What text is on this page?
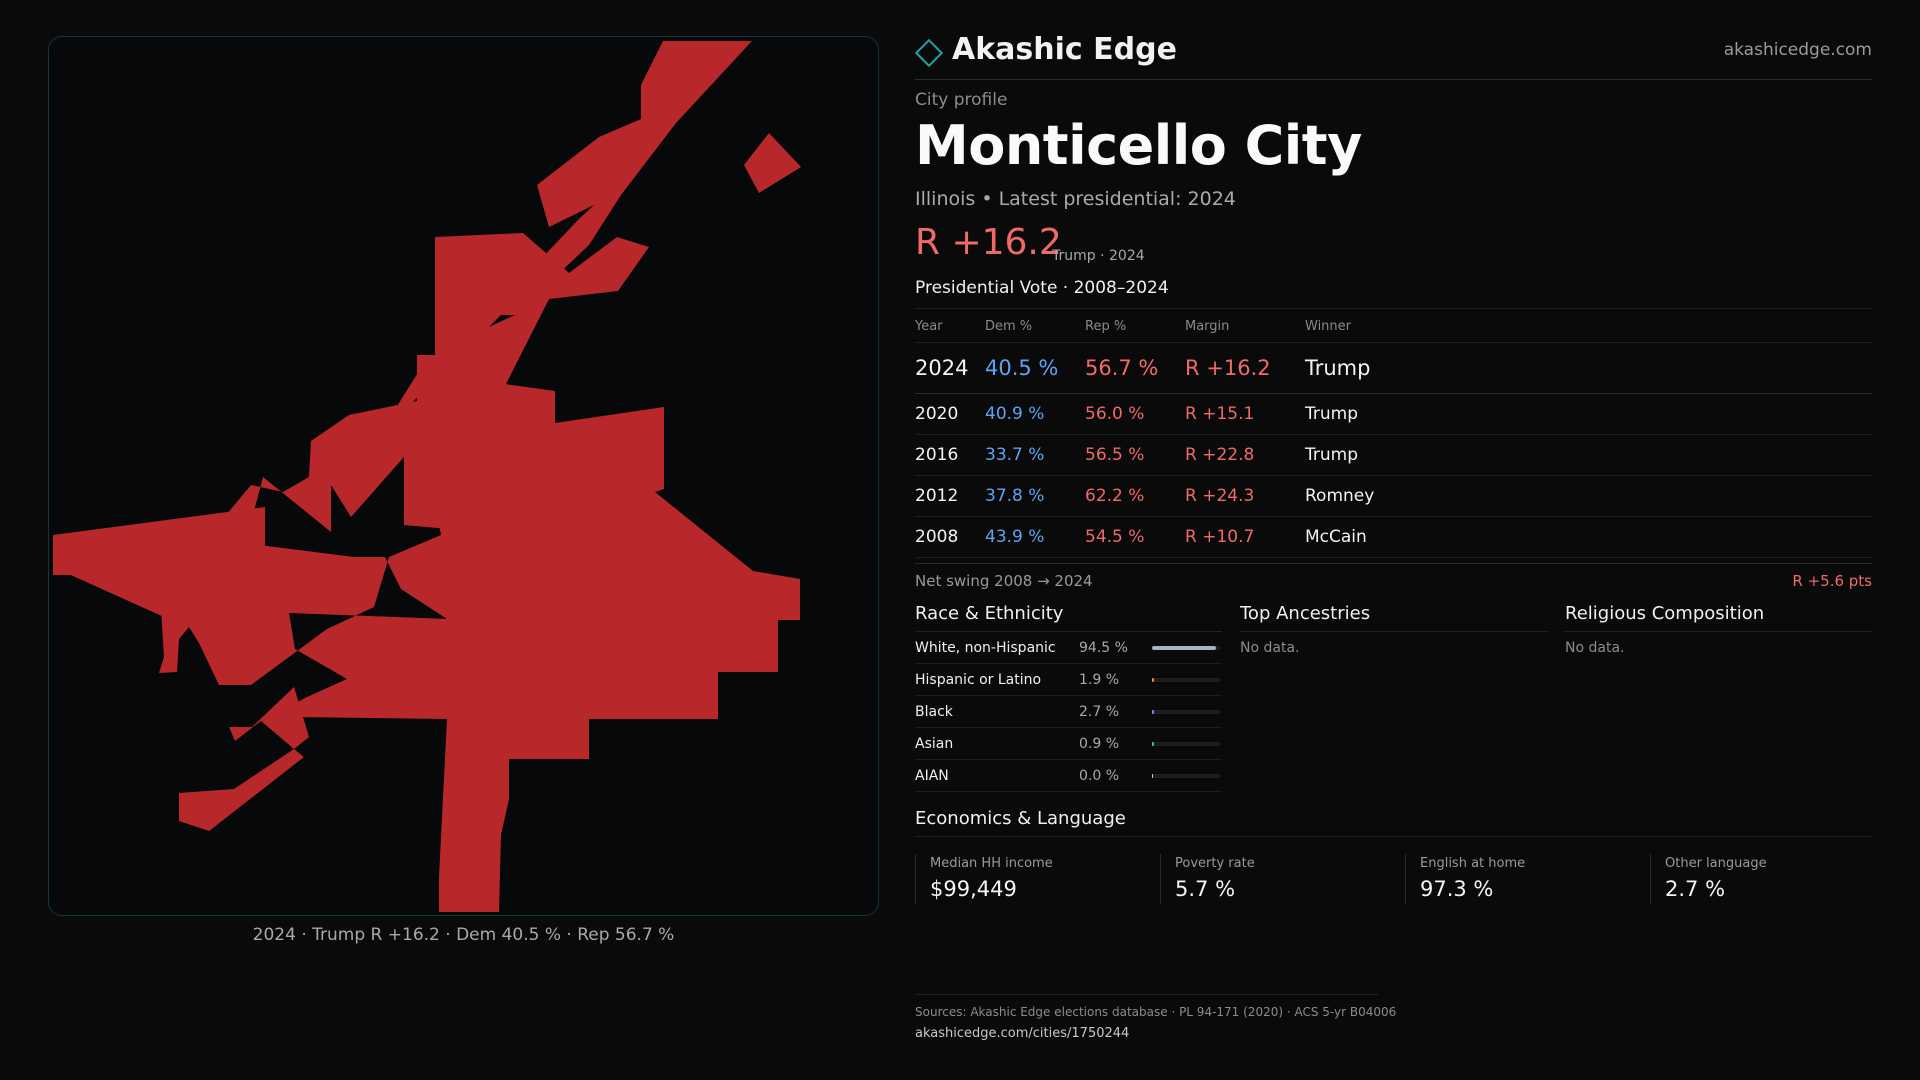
2024 · Trump R +16.2 · Dem 40.5 % · Rep 56.7 %
Akashic Edge	akashicedge.com
City profile
Monticello City
Illinois • Latest presidential: 2024
R +16.2
Trump · 2024
Presidential Vote · 2008–2024
Year	Dem %	Rep %	Margin	Winner
2024	40.5 %	56.7 %	R +16.2	Trump
2020	40.9 %	56.0 %	R +15.1	Trump
2016	33.7 %	56.5 %	R +22.8	Trump
2012	37.8 %	62.2 %	R +24.3	Romney
2008	43.9 %	54.5 %	R +10.7	McCain
Net swing 2008 → 2024	R +5.6 pts
Race & Ethnicity
White, non-Hispanic 94.5 %
Hispanic or Latino	1.9 %
Black	2.7 %
Asian	0.9 %
AIAN	0.0 %
Top Ancestries
No data.
Religious Composition
No data.
Economics & Language
Median HH income
$99,449
Poverty rate
5.7 %
English at home
97.3 %
Other language
2.7 %
Sources: Akashic Edge elections database · PL 94-171 (2020) · ACS 5-yr B04006
akashicedge.com/cities/1750244
